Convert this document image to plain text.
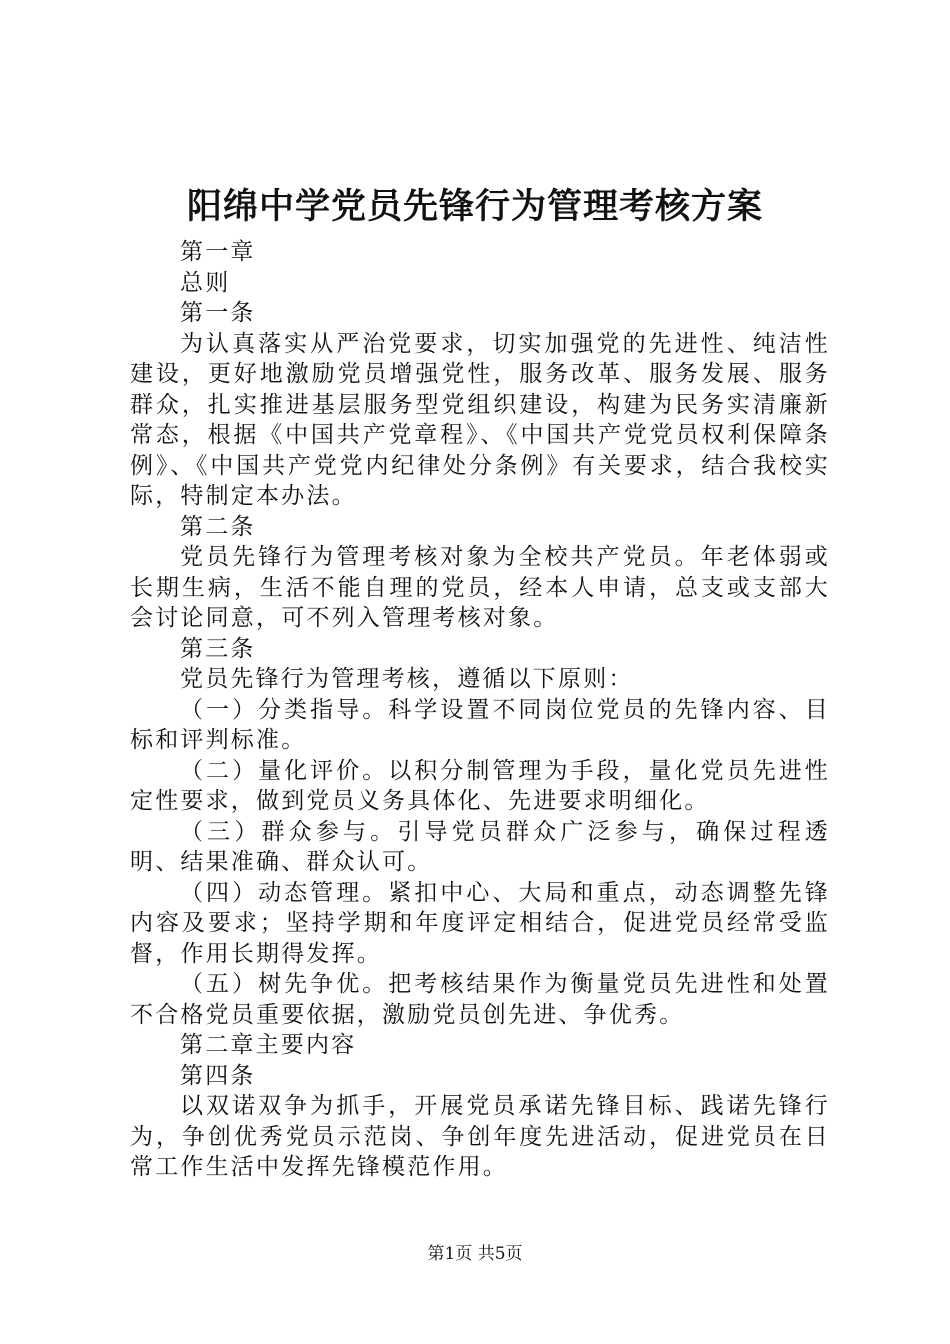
阳绵中学党员先锋行为管理考核方案

第一章

总则

第一条

为认真落实从严治党要求，切实加强党的先进性、纯洁性建设，更好地激励党员增强党性，服务改革、服务发展、服务群众，扎实推进基层服务型党组织建设，构建为民务实清廉新常态，根据《中国共产党章程》、《中国共产党党员权利保障条例》、《中国共产党党内纪律处分条例》有关要求，结合我校实际，特制定本办法。

第二条

党员先锋行为管理考核对象为全校共产党员。年老体弱或长期生病，生活不能自理的党员，经本人申请，总支或支部大会讨论同意，可不列入管理考核对象。

第三条

党员先锋行为管理考核，遵循以下原则：

（一）分类指导。科学设置不同岗位党员的先锋内容、目标和评判标准。

（二）量化评价。以积分制管理为手段，量化党员先进性定性要求，做到党员义务具体化、先进要求明细化。

（三）群众参与。引导党员群众广泛参与，确保过程透明、结果准确、群众认可。

（四）动态管理。紧扣中心、大局和重点，动态调整先锋内容及要求；坚持学期和年度评定相结合，促进党员经常受监督，作用长期得发挥。

（五）树先争优。把考核结果作为衡量党员先进性和处置不合格党员重要依据，激励党员创先进、争优秀。

第二章主要内容

第四条

以双诺双争为抓手，开展党员承诺先锋目标、践诺先锋行为，争创优秀党员示范岗、争创年度先进活动，促进党员在日常工作生活中发挥先锋模范作用。

第1页 共5页
